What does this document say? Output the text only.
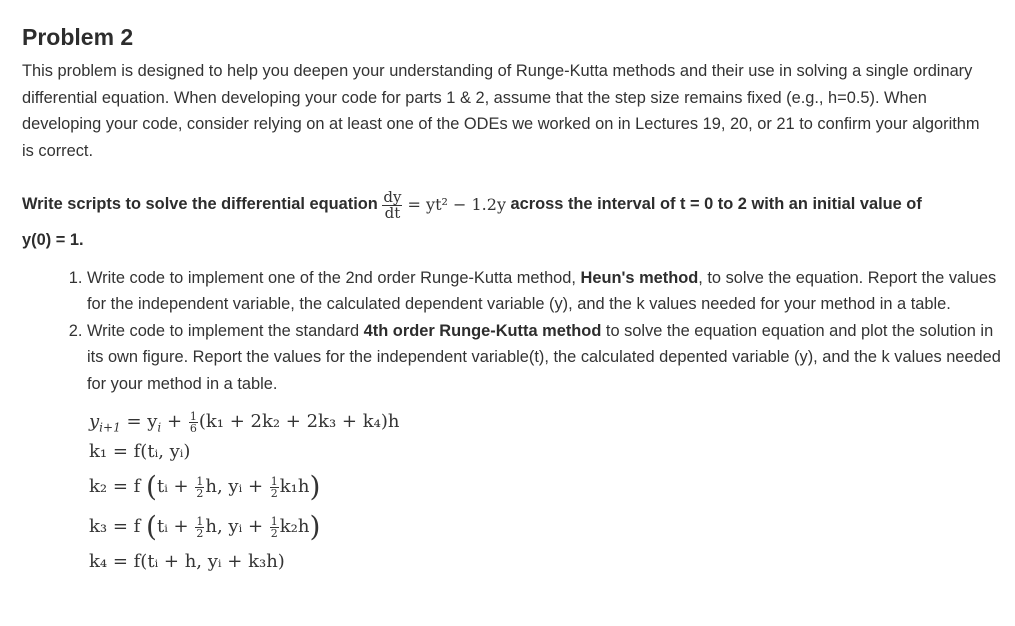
Problem 2

This problem is designed to help you deepen your understanding of Runge-Kutta methods and their use in solving a single ordinary differential equation. When developing your code for parts 1 & 2, assume that the step size remains fixed (e.g., h=0.5). When developing your code, consider relying on at least one of the ODEs we worked on in Lectures 19, 20, or 21 to confirm your algorithm is correct.

Write scripts to solve the differential equation $\frac{dy}{dt} = yt^2 - 1.2y$ across the interval of t = 0 to 2 with an initial value of

y(0) = 1.

1. Write code to implement one of the 2nd order Runge-Kutta method, Heun's method, to solve the equation. Report the values for the independent variable, the calculated dependent variable (y), and the k values needed for your method in a table.
2. Write code to implement the standard 4th order Runge-Kutta method to solve the equation equation and plot the solution in its own figure. Report the values for the independent variable(t), the calculated depented variable (y), and the k values needed for your method in a table.
$y_{i+1} = y_i + \frac{1}{6} (k_1 + 2k_2 + 2k_3 + k_4)h$
k₁ = f(tᵢ, yᵢ)
k₂ = f (tᵢ + $\frac{1}{2} h$, yᵢ + $\frac{1}{2} k_1h$)
k₃ = f (tᵢ + $\frac{1}{2} h$, yᵢ + $\frac{1}{2} k_2h$)
k₄ = f(tᵢ + h, yᵢ + k₃h)
